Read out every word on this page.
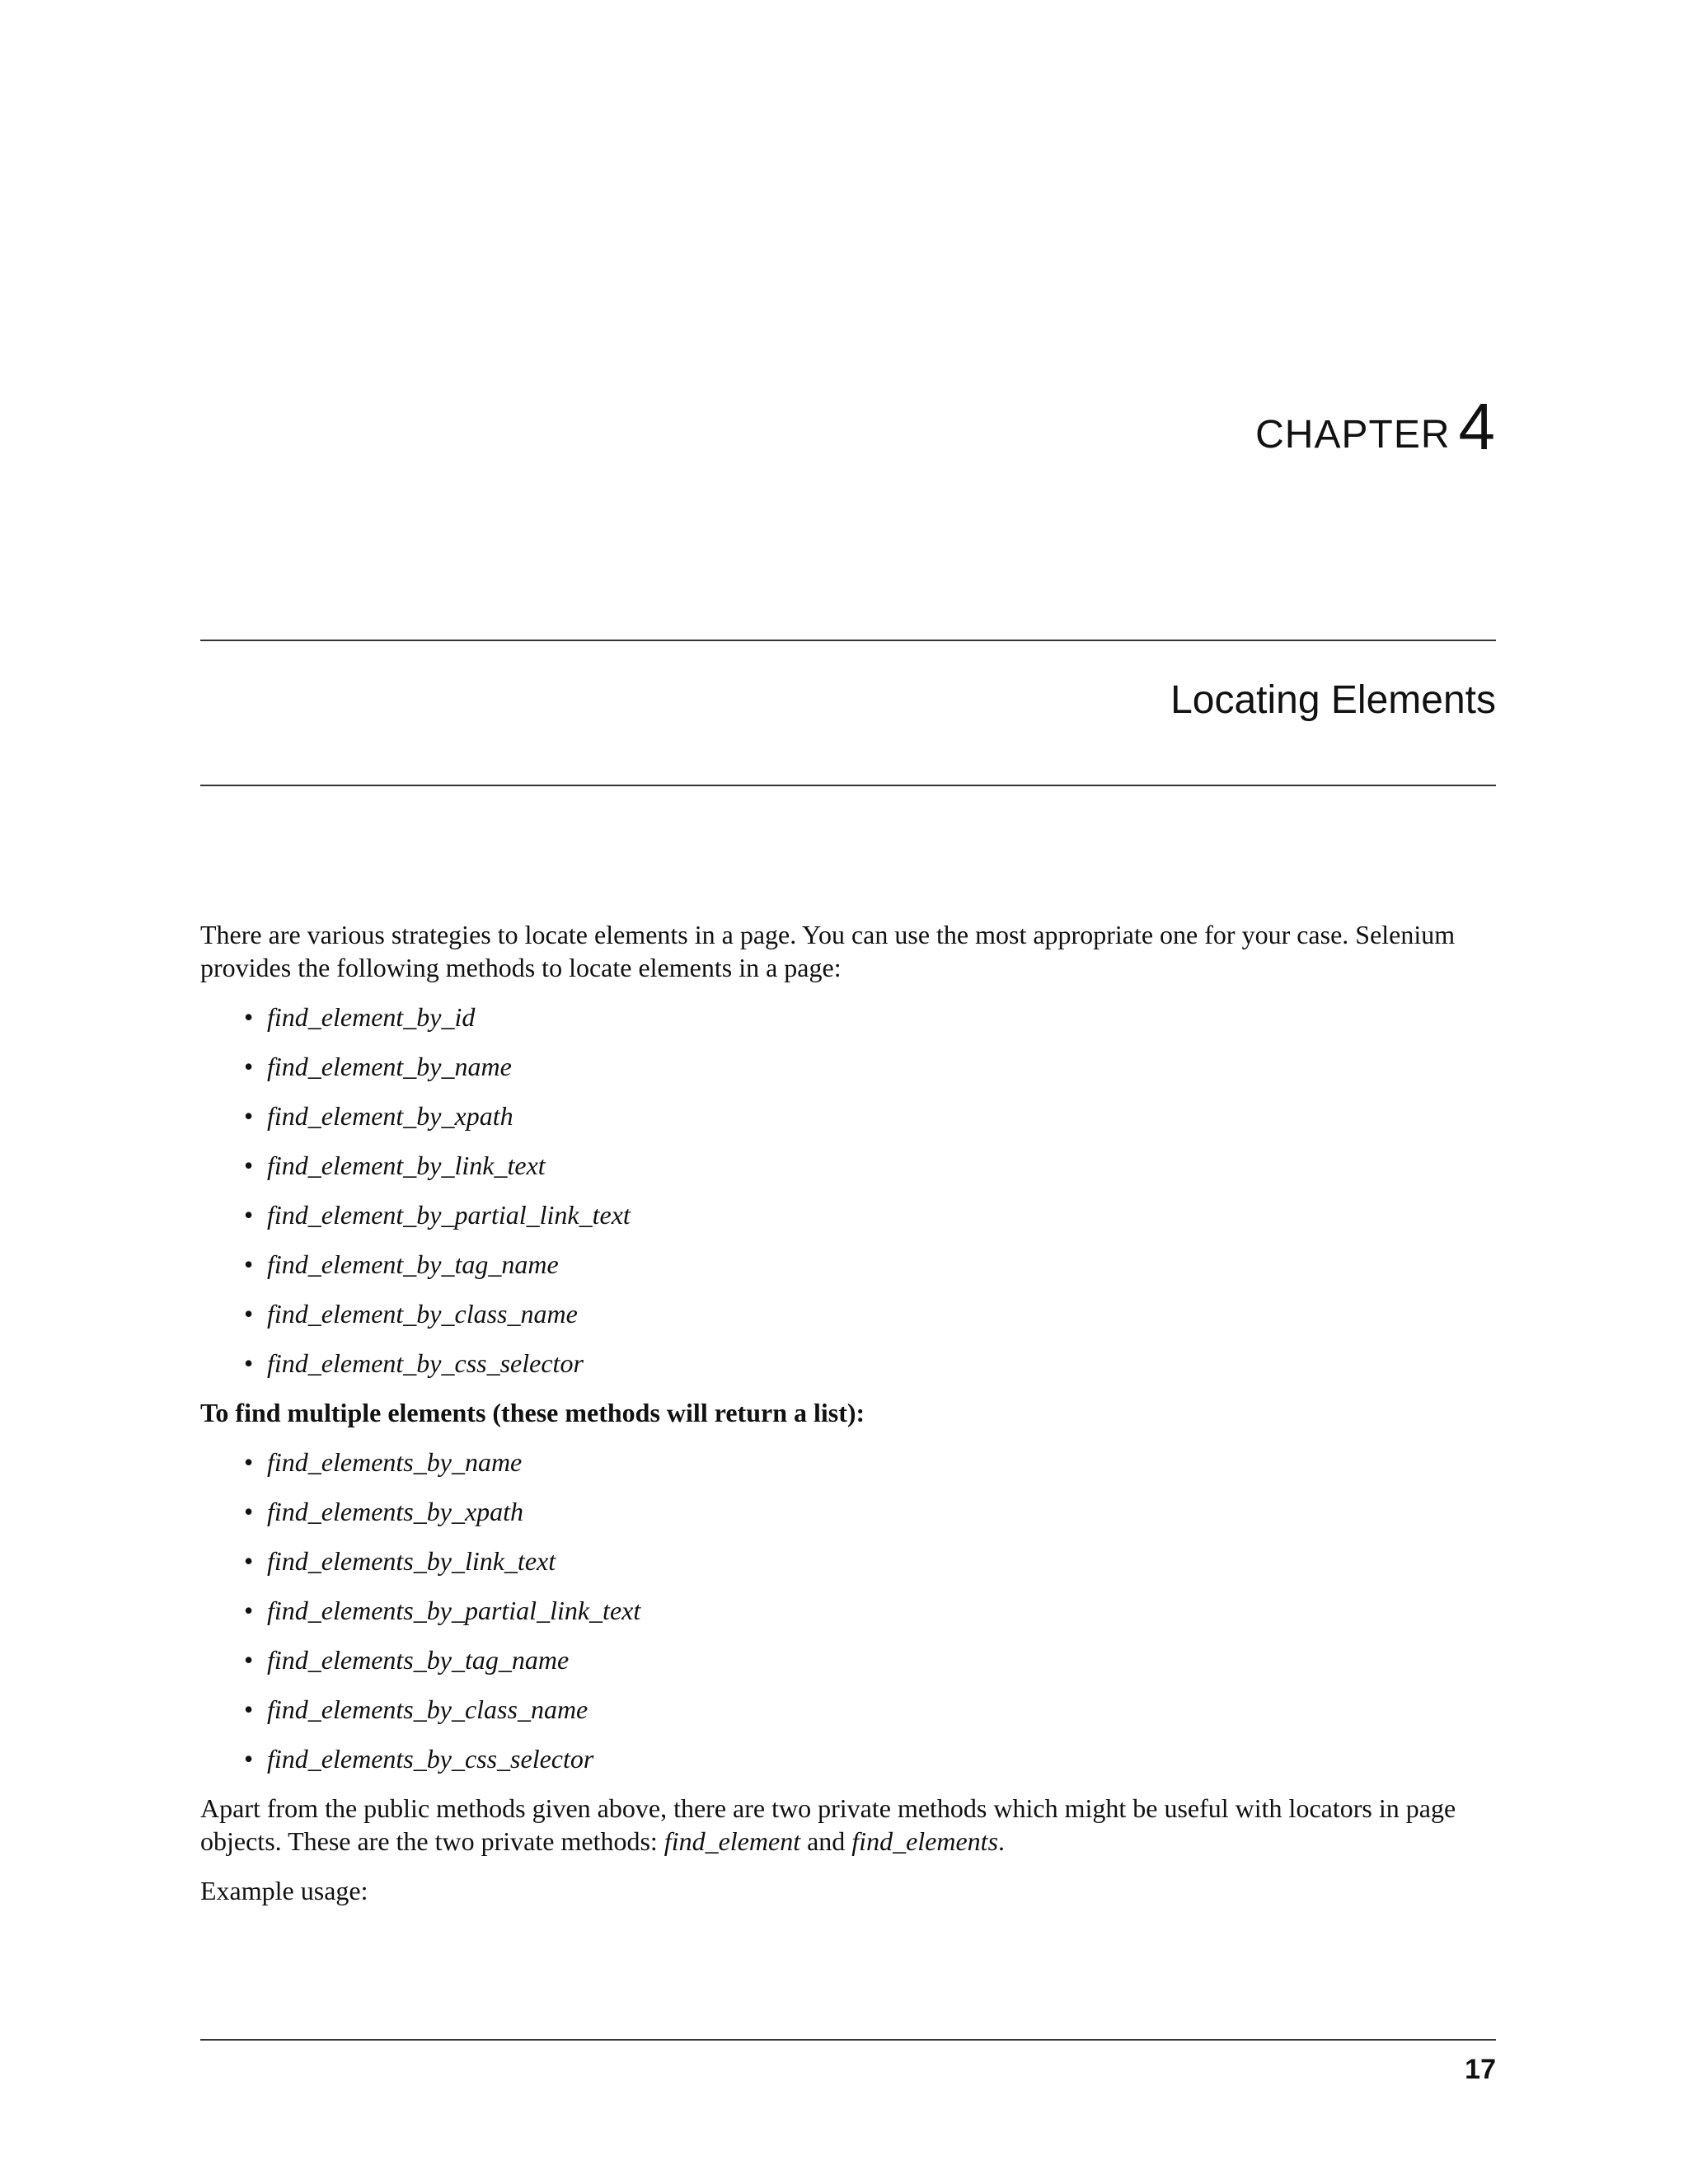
CHAPTER 4
Locating Elements

There are various strategies to locate elements in a page. You can use the most appropriate one for your case. Selenium provides the following methods to locate elements in a page:

• find_element_by_id
• find_element_by_name
• find_element_by_xpath
• find_element_by_link_text
• find_element_by_partial_link_text
• find_element_by_tag_name
• find_element_by_class_name
• find_element_by_css_selector

To find multiple elements (these methods will return a list):

• find_elements_by_name
• find_elements_by_xpath
• find_elements_by_link_text
• find_elements_by_partial_link_text
• find_elements_by_tag_name
• find_elements_by_class_name
• find_elements_by_css_selector

Apart from the public methods given above, there are two private methods which might be useful with locators in page objects. These are the two private methods: find_element and find_elements.

Example usage:

17
